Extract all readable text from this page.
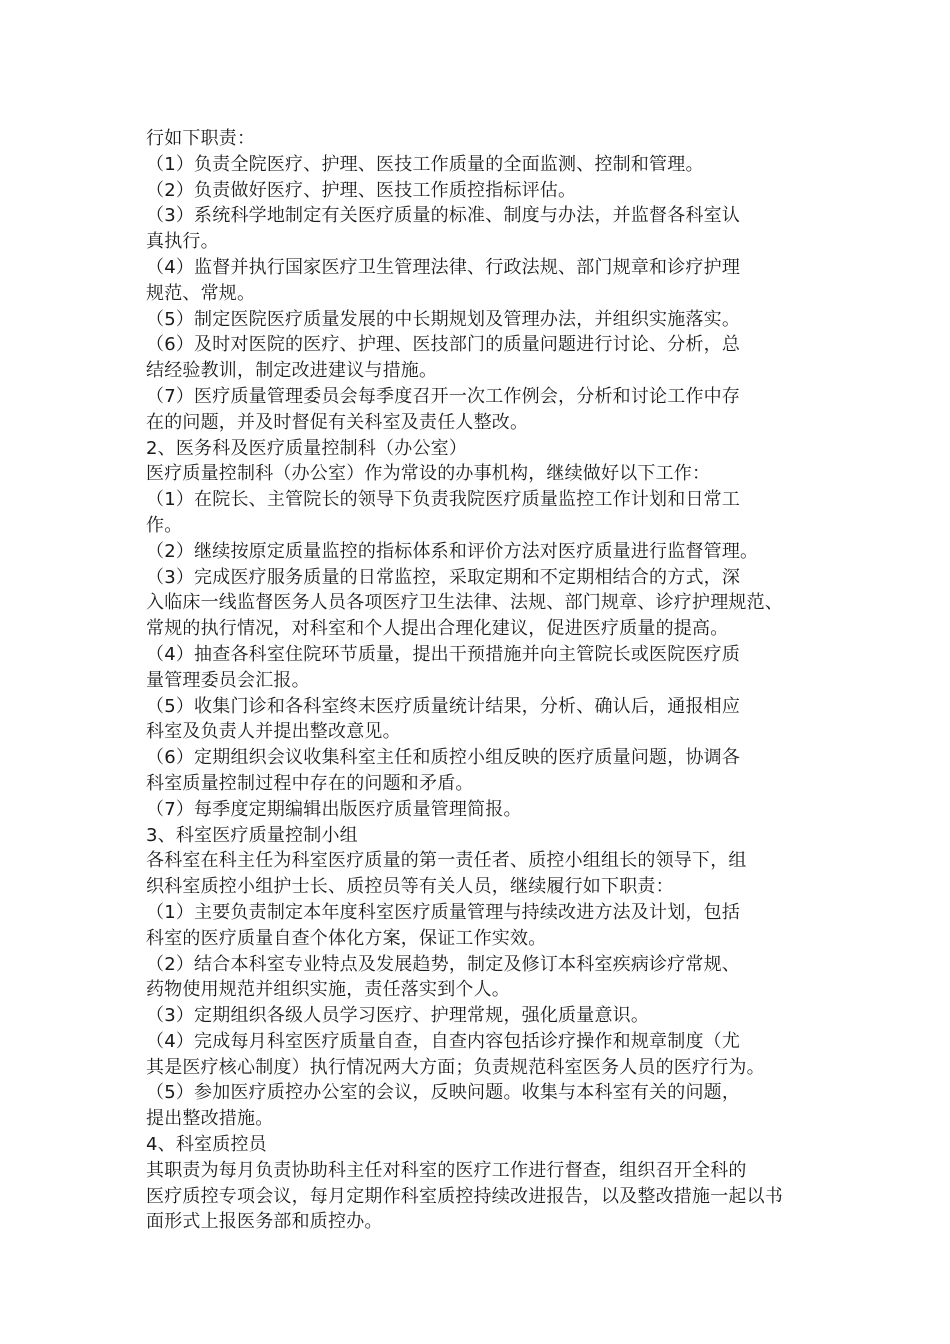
行如下职责：
（1）负责全院医疗、护理、医技工作质量的全面监测、控制和管理。
（2）负责做好医疗、护理、医技工作质控指标评估。
（3）系统科学地制定有关医疗质量的标准、制度与办法，并监督各科室认
真执行。
（4）监督并执行国家医疗卫生管理法律、行政法规、部门规章和诊疗护理
规范、常规。
（5）制定医院医疗质量发展的中长期规划及管理办法，并组织实施落实。
（6）及时对医院的医疗、护理、医技部门的质量问题进行讨论、分析，总
结经验教训，制定改进建议与措施。
（7）医疗质量管理委员会每季度召开一次工作例会，分析和讨论工作中存
在的问题，并及时督促有关科室及责任人整改。
2、医务科及医疗质量控制科（办公室）
医疗质量控制科（办公室）作为常设的办事机构，继续做好以下工作：
（1）在院长、主管院长的领导下负责我院医疗质量监控工作计划和日常工
作。
（2）继续按原定质量监控的指标体系和评价方法对医疗质量进行监督管理。
（3）完成医疗服务质量的日常监控，采取定期和不定期相结合的方式，深
入临床一线监督医务人员各项医疗卫生法律、法规、部门规章、诊疗护理规范、
常规的执行情况，对科室和个人提出合理化建议，促进医疗质量的提高。
（4）抽查各科室住院环节质量，提出干预措施并向主管院长或医院医疗质
量管理委员会汇报。
（5）收集门诊和各科室终末医疗质量统计结果，分析、确认后，通报相应
科室及负责人并提出整改意见。
（6）定期组织会议收集科室主任和质控小组反映的医疗质量问题，协调各
科室质量控制过程中存在的问题和矛盾。
（7）每季度定期编辑出版医疗质量管理简报。
3、科室医疗质量控制小组
各科室在科主任为科室医疗质量的第一责任者、质控小组组长的领导下，组
织科室质控小组护士长、质控员等有关人员，继续履行如下职责：
（1）主要负责制定本年度科室医疗质量管理与持续改进方法及计划，包括
科室的医疗质量自查个体化方案，保证工作实效。
（2）结合本科室专业特点及发展趋势，制定及修订本科室疾病诊疗常规、
药物使用规范并组织实施，责任落实到个人。
（3）定期组织各级人员学习医疗、护理常规，强化质量意识。
（4）完成每月科室医疗质量自查，自查内容包括诊疗操作和规章制度（尤
其是医疗核心制度）执行情况两大方面；负责规范科室医务人员的医疗行为。
（5）参加医疗质控办公室的会议，反映问题。收集与本科室有关的问题，
提出整改措施。
4、科室质控员
其职责为每月负责协助科主任对科室的医疗工作进行督查，组织召开全科的
医疗质控专项会议，每月定期作科室质控持续改进报告，以及整改措施一起以书
面形式上报医务部和质控办。
